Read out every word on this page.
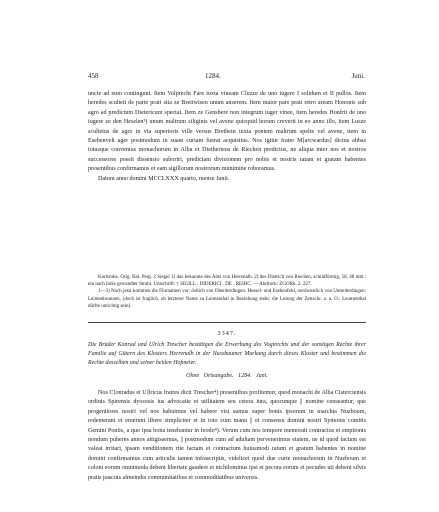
458	1284.	Juni.

uncie ad eum contingunt. Item Volprecht Fare iuxta vineam Cluzze de uno iugere I solidum et II pullos. Item heredes sculteti de parte prati sita ze Breitwisen unum anserem. Item maior pars prati retro aream Hononis sub agro ad predictum Dietericum spectat. Item ze Gensbere non integrum iuger vinee, item heredes Honfrit de uno iugere ze den Heselen³) unum maltrum siliginis vel avene quicquid horum creverit in eo anno illo, item Lusze scultetus de agro in via superioris ville versus Bretbein iuxta pontem maltrum spelte vel avene, item in Esebenvelt ager postmodum in suam curiam fuerat acquisitus. Nos igitur frater M[arcwardus] dictus abbas totusque conventus monachorum in Alba et Dietherieus de Riechen predictus, ne aliqua inter nos et nostros successores possit dissensio suboriri, predictam divisionem pro nobis et nostris ratam et gratam habentes presentibus confirmamus et eam sigillorum nostrorum munimine roboramus.

Datum anno domini MCCLXXX quarto, mense Junii.

Karlsruhe. Orig. Bal. Perg. 2 Siegel 1) das bekannte des Abts von Herrenalb. 2) des Dietrich von Riechen, schildförmig, 58, 48 mm.: ein nach links gewandter Strahl. Umschrift: † SIGILL . DIDERICI . DE . REIHC. — Abdruck: ZGORh. 2. 227.

1—3) Noch jetzt kommen die Flurnamen vor: östlich von Oberderdingen: Hessel- und Esebenfeld, nordwestlich von Unterderdingen: Leimenbrunnen, (doch ist fraglich, ob letzterer Name zu Leimenthal in Beziehung steht; die Lesung der Zeitschr. a. a. O.: Leumenthal dürfte unrichtig sein).

3347.
Die Brüder Konrad und Ulrich Trescher bestätigen die Erwerbung des Vogtrechts und der sonstigen Rechte ihrer Familie auf Gütern des Klosters Herrenalb in der Nussbaumer Markung durch dieses Kloster und bestimmen die Rechte desselben und seiner beiden Hofmeier.
Ohne Ortsangabe. 1284. Juni.

Nos C[onradus et U]lricus fratres dicti Trescher⁴) presentibus profitemur, quod monachi de Alba Cisterciensis ordinis Spirensis dyocesis ius advocatie et utilitatem seu cetera iura, quocunque || nomine censeantur, que progenitores nostri vel nos habuimus vel habere visi sumus super bonis ipsorum in marchia Nuzboum, redemerant et emerunt libere simpliciter et in toto cum manu || et consensu domini nostri Symonis comitis Gemini Pontis, a quo ipsa bona tenebantur in feodo⁴). Verum cum nos tempore memorati contractus et emptionis nondum puberes annos attigissemus, || postmodum cum ad adultam pervenerimus etatem, ne id quod factum est valeat irritari, ipsam venditionem rite factam et contractum huiusmodi ratum et gratum habentes in nomine domini confirmamus cum articulis tamen infrascriptis, videlicet quod due curie monachorum in Nuzboum et coloni eorum omnimoda debent libertate gaudere et nichilominus ipsi et pecora eorum et pecudes uti debent silvis pratis pascuis almeindis communitatibus et commoditatibus universis.
